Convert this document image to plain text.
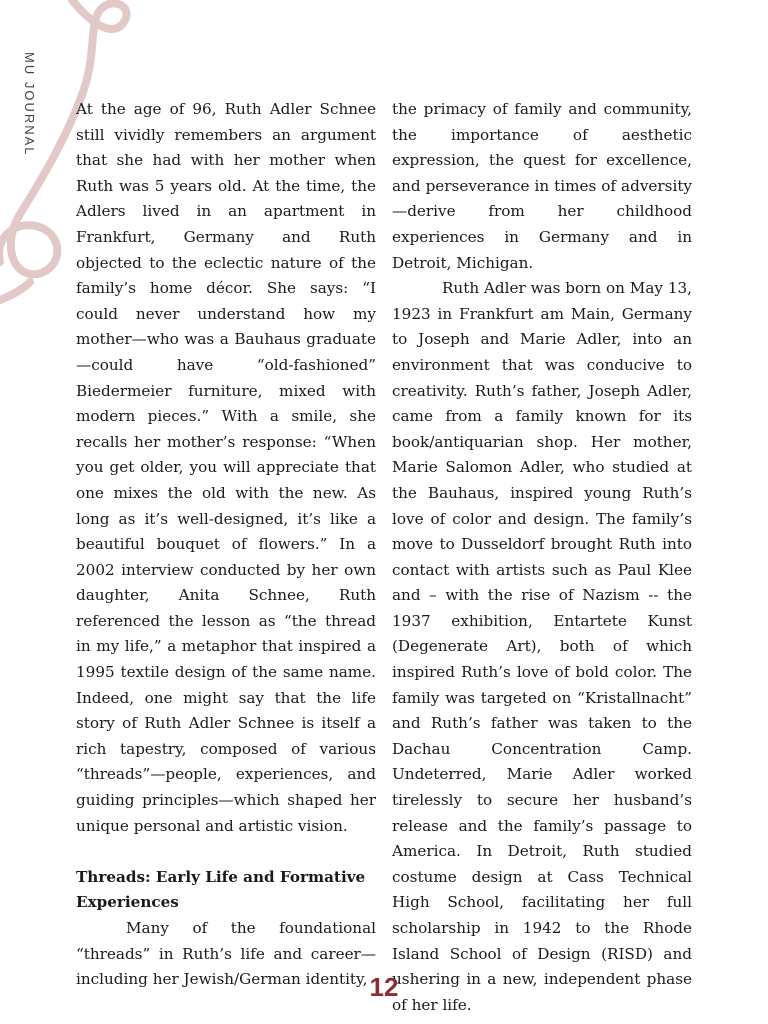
MU JOURNAL	At the age of 96, Ruth Adler Schnee still vividly remembers an argument that she had with her mother when Ruth was 5 years old. At the time, the Adlers lived in an apartment in Frankfurt, Germany and Ruth objected to the eclectic nature of the family’s home décor. She says: “I could never understand how my mother—who was a Bauhaus graduate—could have “old-fashioned” Biedermeier furniture, mixed with modern pieces.” With a smile, she recalls her mother’s response: “When you get older, you will appreciate that one mixes the old with the new. As long as it’s well-designed, it’s like a beautiful bouquet of flowers.” In a 2002 interview conducted by her own daughter, Anita Schnee, Ruth referenced the lesson as “the thread in my life,” a metaphor that inspired a 1995 textile design of the same name. Indeed, one might say that the life story of Ruth Adler Schnee is itself a rich tapestry, composed of various “threads”—people, experiences, and guiding principles—which shaped her unique personal and artistic vision.

Threads: Early Life and Formative Experiences

Many of the foundational “threads” in Ruth’s life and career—including her Jewish/German identity,

the primacy of family and community, the importance of aesthetic expression, the quest for excellence, and perseverance in times of adversity—derive from her childhood experiences in Germany and in Detroit, Michigan.

Ruth Adler was born on May 13, 1923 in Frankfurt am Main, Germany to Joseph and Marie Adler, into an environment that was conducive to creativity. Ruth’s father, Joseph Adler, came from a family known for its book/antiquarian shop. Her mother, Marie Salomon Adler, who studied at the Bauhaus, inspired young Ruth’s love of color and design. The family’s move to Dusseldorf brought Ruth into contact with artists such as Paul Klee and – with the rise of Nazism -- the 1937 exhibition, Entartete Kunst (Degenerate Art), both of which inspired Ruth’s love of bold color. The family was targeted on “Kristallnacht” and Ruth’s father was taken to the Dachau Concentration Camp. Undeterred, Marie Adler worked tirelessly to secure her husband’s release and the family’s passage to America. In Detroit, Ruth studied costume design at Cass Technical High School, facilitating her full scholarship in 1942 to the Rhode Island School of Design (RISD) and ushering in a new, independent phase of her life.

12
